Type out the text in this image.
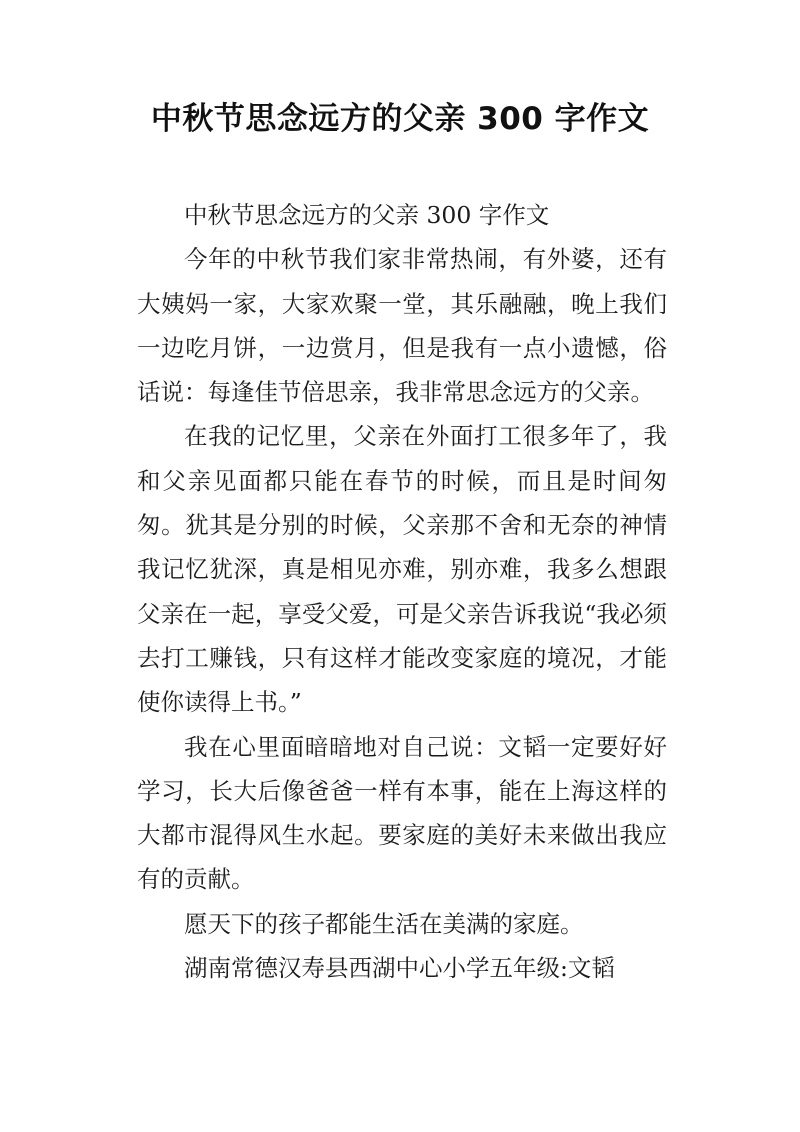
中秋节思念远方的父亲 300 字作文

中秋节思念远方的父亲 300 字作文

今年的中秋节我们家非常热闹，有外婆，还有大姨妈一家，大家欢聚一堂，其乐融融，晚上我们一边吃月饼，一边赏月，但是我有一点小遗憾，俗话说：每逢佳节倍思亲，我非常思念远方的父亲。

在我的记忆里，父亲在外面打工很多年了，我和父亲见面都只能在春节的时候，而且是时间匆匆。犹其是分别的时候，父亲那不舍和无奈的神情我记忆犹深，真是相见亦难，别亦难，我多么想跟父亲在一起，享受父爱，可是父亲告诉我说“我必须去打工赚钱，只有这样才能改变家庭的境况，才能使你读得上书。”

我在心里面暗暗地对自己说：文韬一定要好好学习，长大后像爸爸一样有本事，能在上海这样的大都市混得风生水起。要家庭的美好未来做出我应有的贡献。

愿天下的孩子都能生活在美满的家庭。

湖南常德汉寿县西湖中心小学五年级:文韬
